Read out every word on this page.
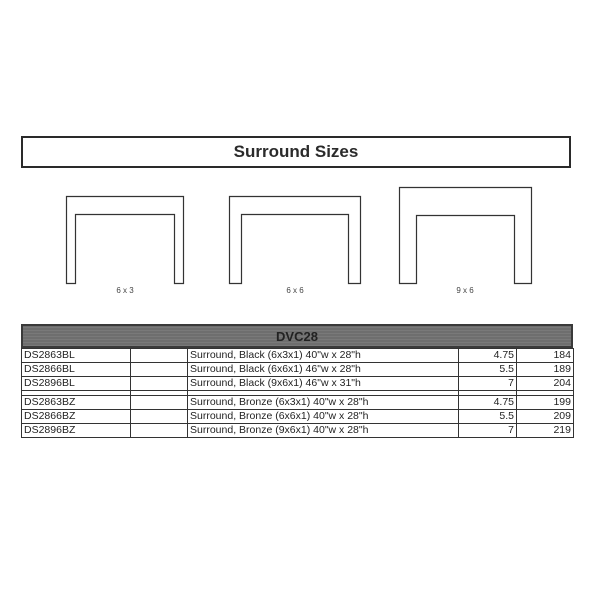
Surround Sizes
6 x 3	6 x 6	9 x 6
DVC28
DS2863BL		Surround, Black (6x3x1) 40"w x 28"h	4.75	184
DS2866BL		Surround, Black (6x6x1) 46"w x 28"h	5.5	189
DS2896BL		Surround, Black (9x6x1) 46"w x 31"h	7	204

DS2863BZ		Surround, Bronze (6x3x1) 40"w x 28"h	4.75	199
DS2866BZ		Surround, Bronze (6x6x1) 40"w x 28"h	5.5	209
DS2896BZ		Surround, Bronze (9x6x1) 40"w x 28"h	7	219
